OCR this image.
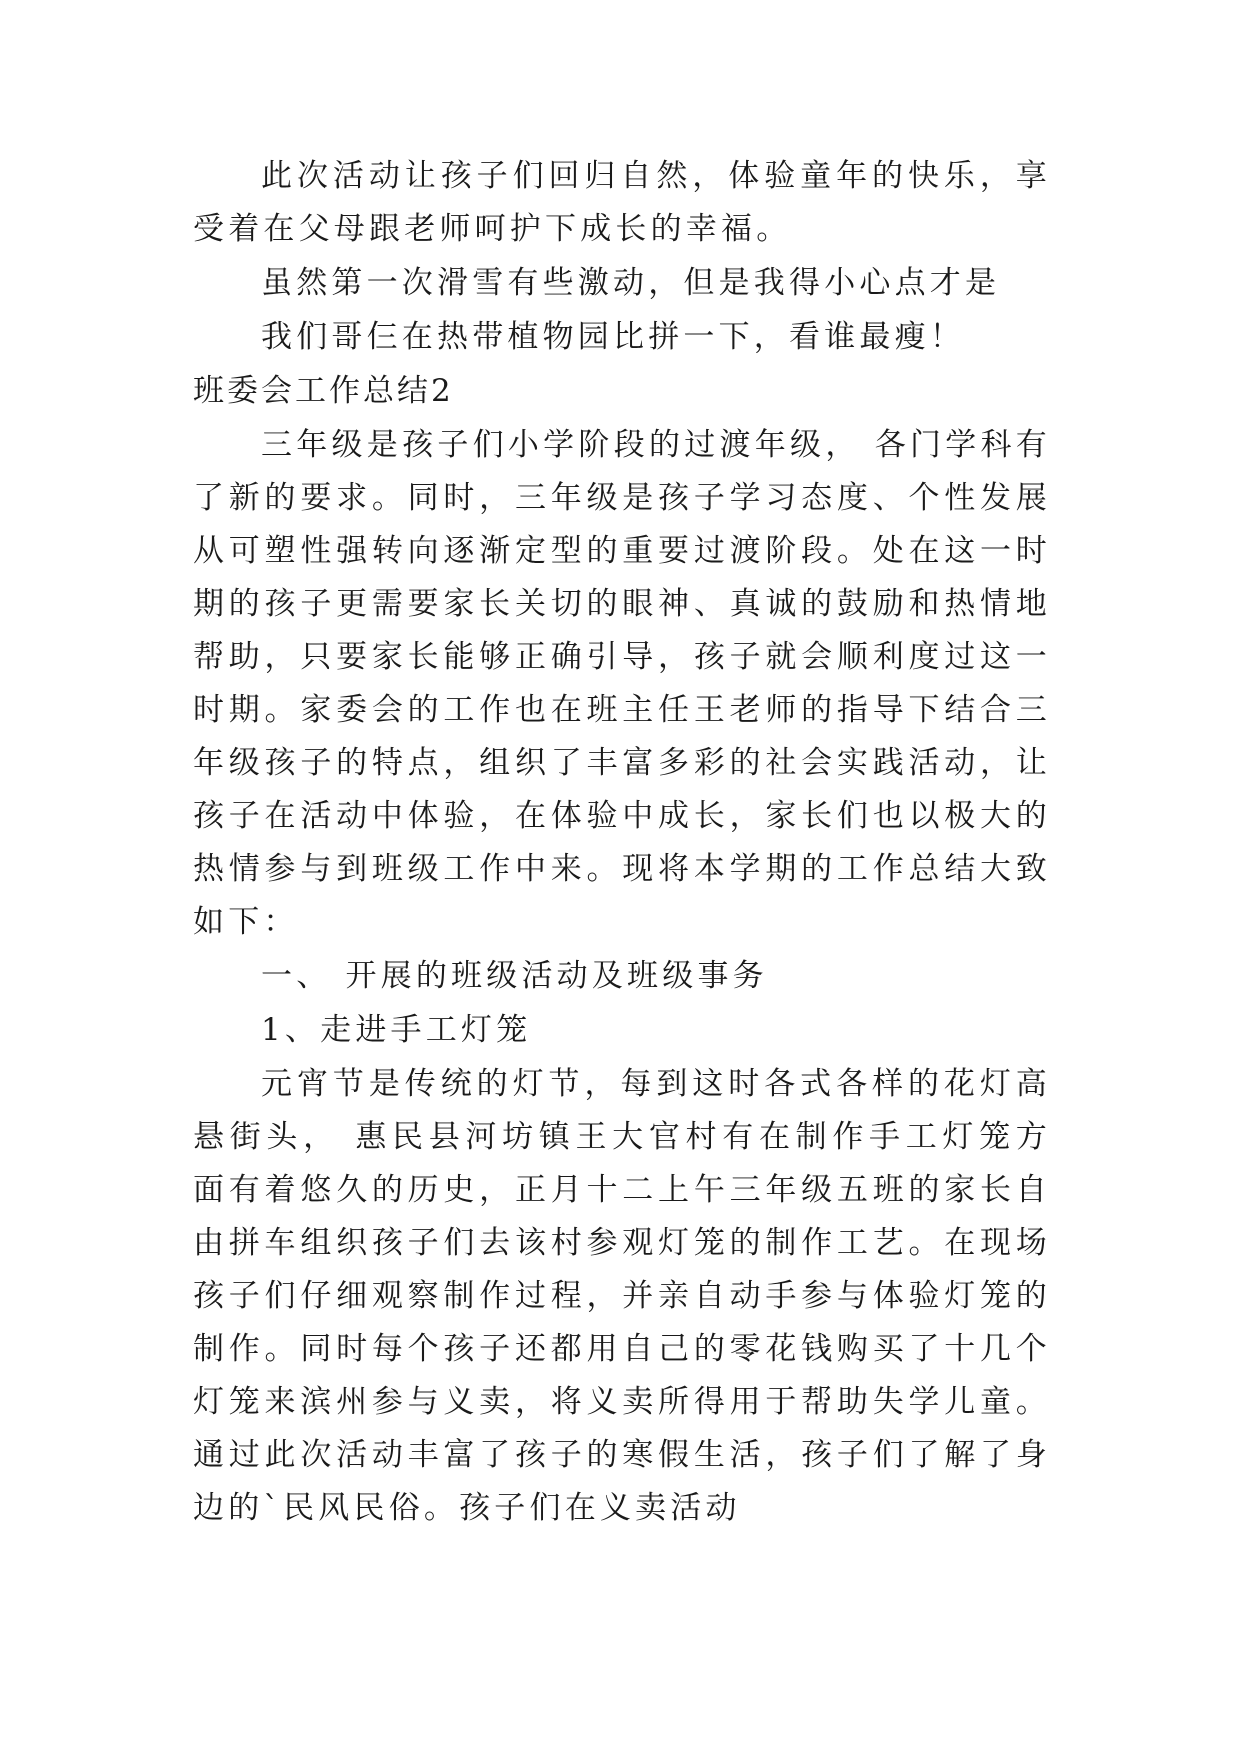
此次活动让孩子们回归自然，体验童年的快乐，享受着在父母跟老师呵护下成长的幸福。

虽然第一次滑雪有些激动，但是我得小心点才是

我们哥仨在热带植物园比拼一下，看谁最瘦！

班委会工作总结2

三年级是孩子们小学阶段的过渡年级， 各门学科有了新的要求。同时，三年级是孩子学习态度、个性发展从可塑性强转向逐渐定型的重要过渡阶段。处在这一时期的孩子更需要家长关切的眼神、真诚的鼓励和热情地帮助，只要家长能够正确引导，孩子就会顺利度过这一时期。家委会的工作也在班主任王老师的指导下结合三年级孩子的特点，组织了丰富多彩的社会实践活动，让孩子在活动中体验，在体验中成长，家长们也以极大的热情参与到班级工作中来。现将本学期的工作总结大致如下：

一、 开展的班级活动及班级事务

1、走进手工灯笼

元宵节是传统的灯节，每到这时各式各样的花灯高悬街头， 惠民县河坊镇王大官村有在制作手工灯笼方面有着悠久的历史，正月十二上午三年级五班的家长自由拼车组织孩子们去该村参观灯笼的制作工艺。在现场孩子们仔细观察制作过程，并亲自动手参与体验灯笼的制作。同时每个孩子还都用自己的零花钱购买了十几个灯笼来滨州参与义卖，将义卖所得用于帮助失学儿童。通过此次活动丰富了孩子的寒假生活，孩子们了解了身边的`民风民俗。孩子们在义卖活动
